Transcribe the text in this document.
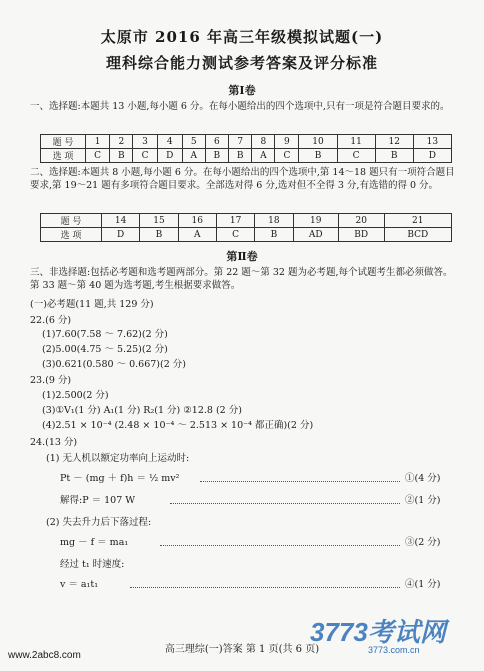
太原市 2016 年高三年级模拟试题(一)
理科综合能力测试参考答案及评分标准
第Ⅰ卷
一、选择题:本题共 13 小题,每小题 6 分。在每小题给出的四个选项中,只有一项是符合题目要求的。
题 号	1	2	3	4	5	6	7	8	9	10	11	12	13
选 项	C	B	C	D	A	B	B	A	C	B	C	B	D
二、选择题:本题共 8 小题,每小题 6 分。在每小题给出的四个选项中,第 14～18 题只有一项符合题目要求,第 19～21 题有多项符合题目要求。全部选对得 6 分,选对但不全得 3 分,有选错的得 0 分。
题 号	14	15	16	17	18	19	20	21
选 项	D	B	A	C	B	AD	BD	BCD
第Ⅱ卷
三、非选择题:包括必考题和选考题两部分。第 22 题～第 32 题为必考题,每个试题考生都必须做答。第 33 题～第 40 题为选考题,考生根据要求做答。
(一)必考题(11 题,共 129 分)
22.(6 分)
(1)7.60(7.58 ～ 7.62)(2 分)
(2)5.00(4.75 ～ 5.25)(2 分)
(3)0.621(0.580 ～ 0.667)(2 分)
23.(9 分)
(1)2.500(2 分)
(3)①V₁(1 分) A₁(1 分) R₂(1 分) ②12.8 (2 分)
(4)2.51 × 10⁻⁴ (2.48 × 10⁻⁴ ～ 2.513 × 10⁻⁴ 都正确)(2 分)
24.(13 分)
(1) 无人机以额定功率向上运动时:
Pt － (mg ＋ f)h ＝ ½ mv²	①(4 分)
解得:P ＝ 107 W	②(1 分)
(2) 失去升力后下落过程:
mg － f ＝ ma₁	③(2 分)
经过 t₁ 时速度:
v ＝ a₁t₁	④(1 分)
高三理综(一)答案 第 1 页(共 6 页)
www.2abc8.com
3773考试网
3773.com.cn
